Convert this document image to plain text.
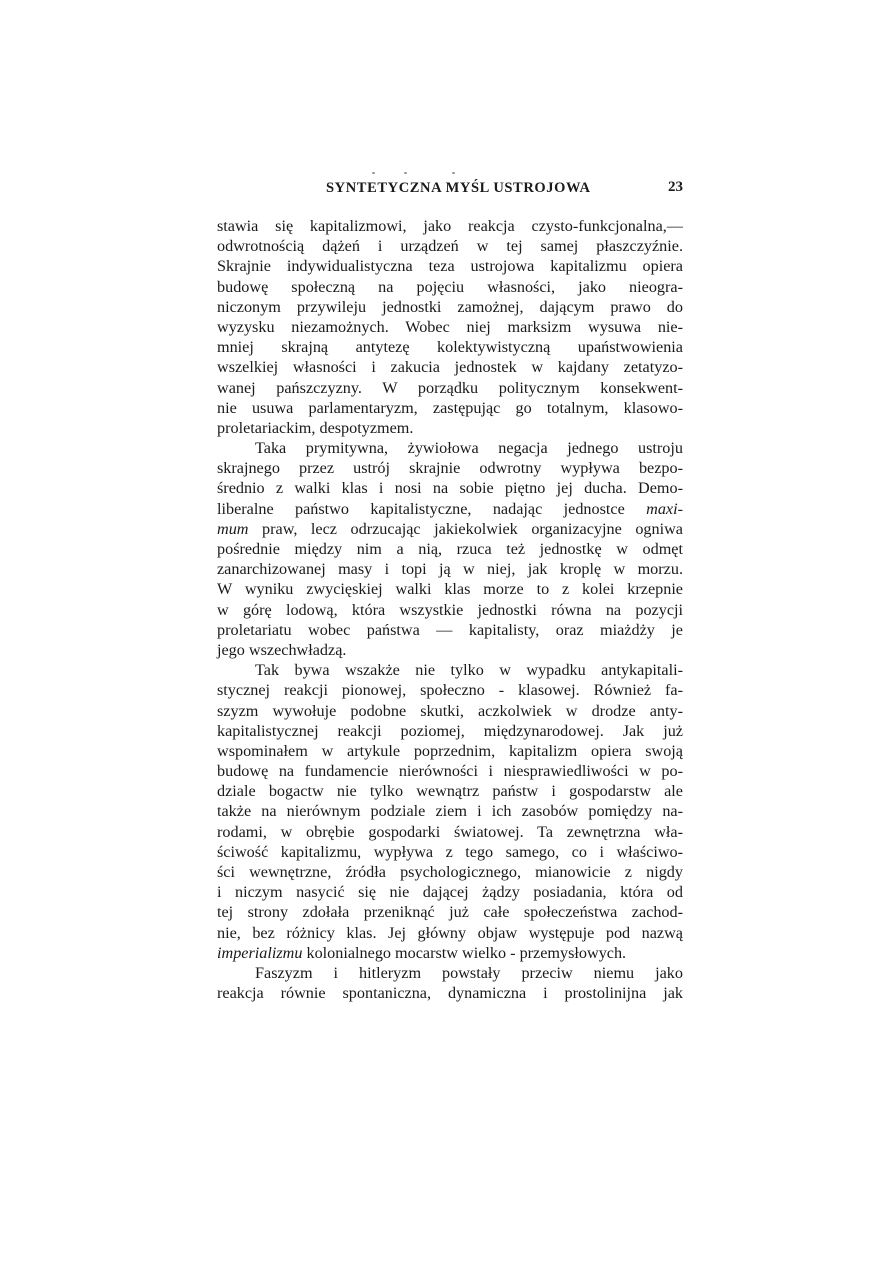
SYNTETYCZNA MYŚL USTROJOWA	23
stawia się kapitalizmowi, jako reakcja czysto-funkcjonalna,—
odwrotnością dążeń i urządzeń w tej samej płaszczyźnie.
Skrajnie indywidualistyczna teza ustrojowa kapitalizmu opiera
budowę społeczną na pojęciu własności, jako nieogra-
niczonym przywileju jednostki zamożnej, dającym prawo do
wyzysku niezamożnych. Wobec niej marksizm wysuwa nie-
mniej skrajną antytezę kolektywistyczną upaństwowienia
wszelkiej własności i zakucia jednostek w kajdany zetatyzo-
wanej pańszczyzny. W porządku politycznym konsekwent-
nie usuwa parlamentaryzm, zastępując go totalnym, klasowo-
proletariackim, despotyzmem.
Taka prymitywna, żywiołowa negacja jednego ustroju
skrajnego przez ustrój skrajnie odwrotny wypływa bezpo-
średnio z walki klas i nosi na sobie piętno jej ducha. Demo-
liberalne państwo kapitalistyczne, nadając jednostce maxi-
mum praw, lecz odrzucając jakiekolwiek organizacyjne ogniwa
pośrednie między nim a nią, rzuca też jednostkę w odmęt
zanarchizowanej masy i topi ją w niej, jak kroplę w morzu.
W wyniku zwycięskiej walki klas morze to z kolei krzepnie
w górę lodową, która wszystkie jednostki równa na pozycji
proletariatu wobec państwa — kapitalisty, oraz miażdży je
jego wszechwładzą.
Tak bywa wszakże nie tylko w wypadku antykapitali-
stycznej reakcji pionowej, społeczno - klasowej. Również fa-
szyzm wywołuje podobne skutki, aczkolwiek w drodze anty-
kapitalistycznej reakcji poziomej, międzynarodowej. Jak już
wspominałem w artykule poprzednim, kapitalizm opiera swoją
budowę na fundamencie nierówności i niesprawiedliwości w po-
dziale bogactw nie tylko wewnątrz państw i gospodarstw ale
także na nierównym podziale ziem i ich zasobów pomiędzy na-
rodami, w obrębie gospodarki światowej. Ta zewnętrzna wła-
ściwość kapitalizmu, wypływa z tego samego, co i właściwo-
ści wewnętrzne, źródła psychologicznego, mianowicie z nigdy
i niczym nasycić się nie dającej żądzy posiadania, która od
tej strony zdołała przeniknąć już całe społeczeństwa zachod-
nie, bez różnicy klas. Jej główny objaw występuje pod nazwą
imperializmu kolonialnego mocarstw wielko - przemysłowych.
Faszyzm i hitleryzm powstały przeciw niemu jako
reakcja równie spontaniczna, dynamiczna i prostolinijna jak
